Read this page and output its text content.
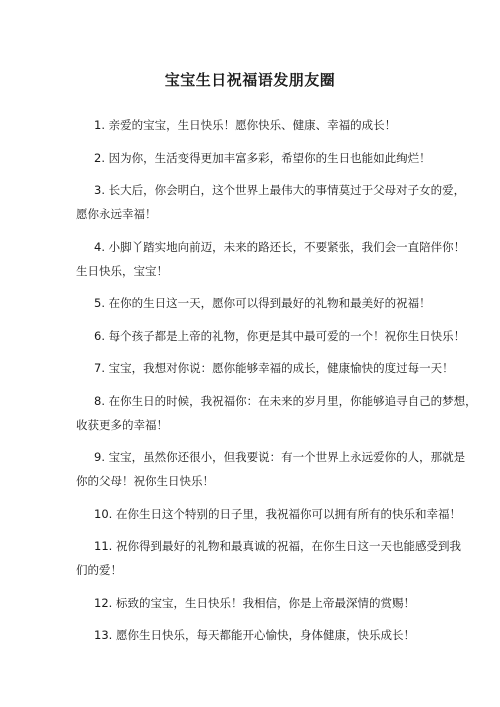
宝宝生日祝福语发朋友圈
1. 亲爱的宝宝，生日快乐！愿你快乐、健康、幸福的成长！
2. 因为你，生活变得更加丰富多彩，希望你的生日也能如此绚烂！
3. 长大后，你会明白，这个世界上最伟大的事情莫过于父母对子女的爱，
愿你永远幸福！
4. 小脚丫踏实地向前迈，未来的路还长，不要紧张，我们会一直陪伴你！
生日快乐，宝宝！
5. 在你的生日这一天，愿你可以得到最好的礼物和最美好的祝福！
6. 每个孩子都是上帝的礼物，你更是其中最可爱的一个！祝你生日快乐！
7. 宝宝，我想对你说：愿你能够幸福的成长，健康愉快的度过每一天！
8. 在你生日的时候，我祝福你：在未来的岁月里，你能够追寻自己的梦想，
收获更多的幸福！
9. 宝宝，虽然你还很小，但我要说：有一个世界上永远爱你的人，那就是
你的父母！祝你生日快乐！
10. 在你生日这个特别的日子里，我祝福你可以拥有所有的快乐和幸福！
11. 祝你得到最好的礼物和最真诚的祝福，在你生日这一天也能感受到我
们的爱！
12. 标致的宝宝，生日快乐！我相信，你是上帝最深情的赏赐！
13. 愿你生日快乐，每天都能开心愉快，身体健康，快乐成长！
